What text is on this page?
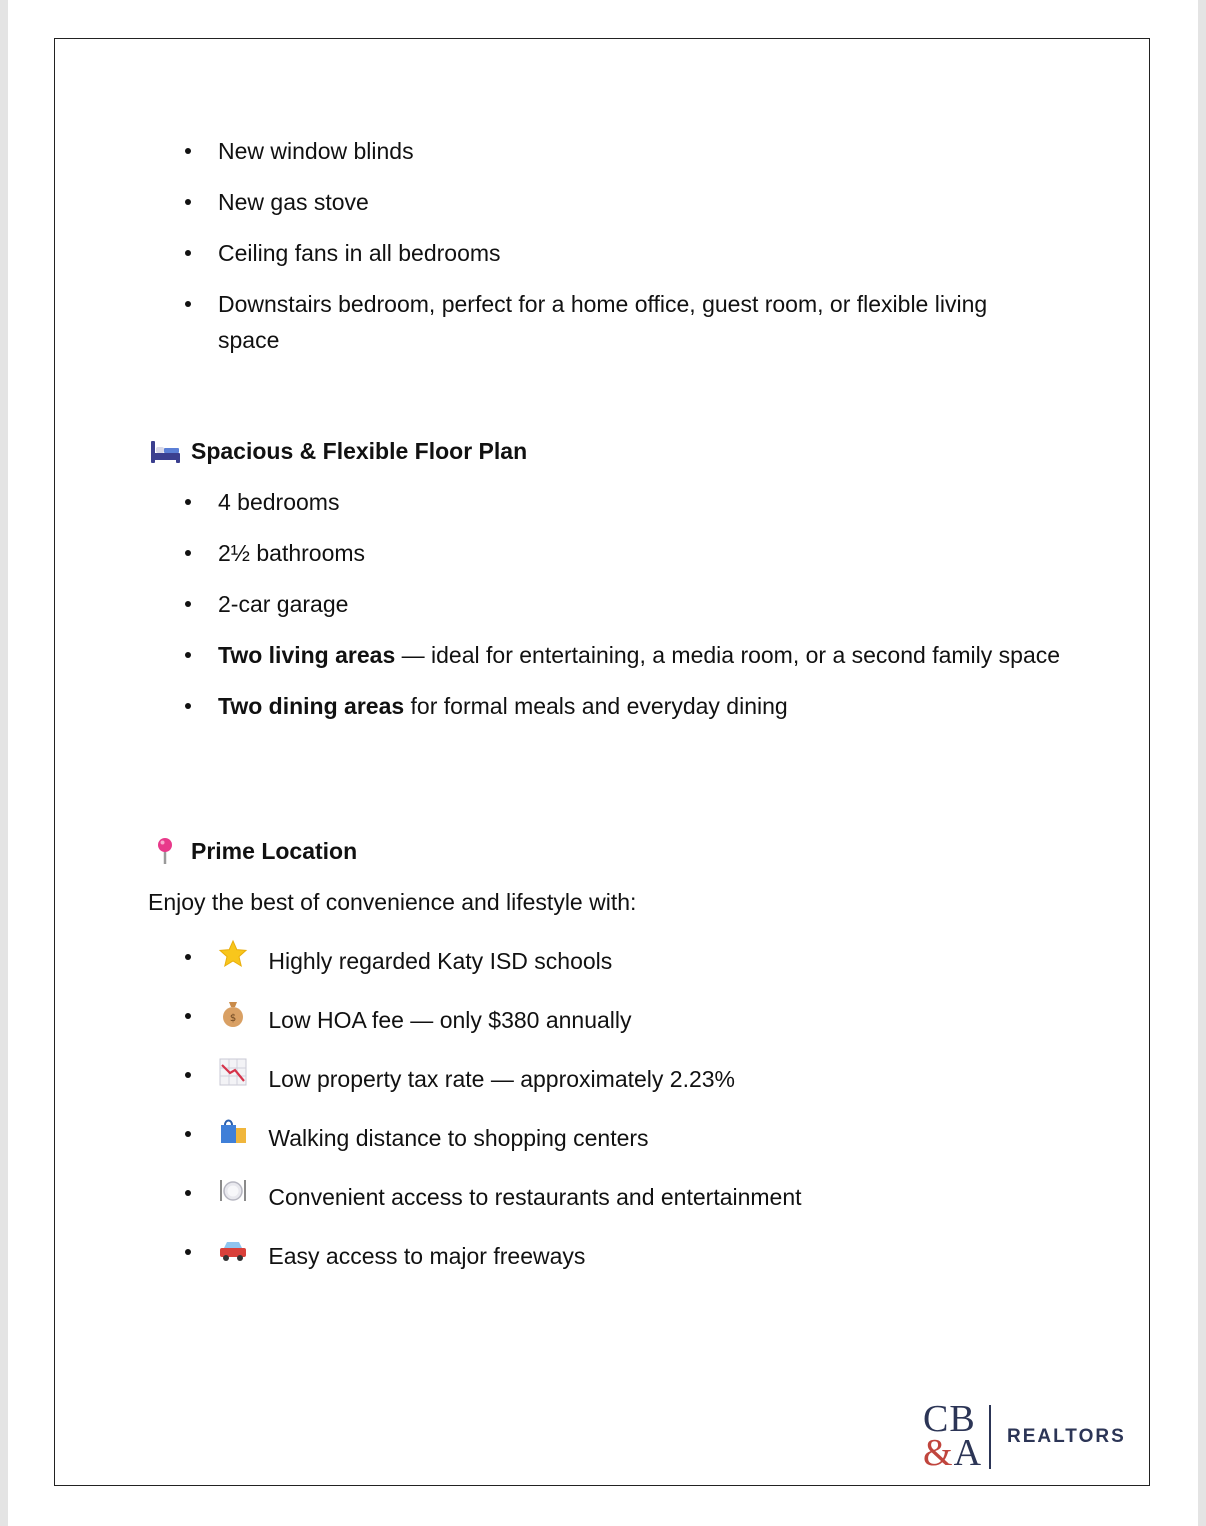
New window blinds
New gas stove
Ceiling fans in all bedrooms
Downstairs bedroom, perfect for a home office, guest room, or flexible living space
Spacious & Flexible Floor Plan
4 bedrooms
2½ bathrooms
2-car garage
Two living areas — ideal for entertaining, a media room, or a second family space
Two dining areas for formal meals and everyday dining
Prime Location
Enjoy the best of convenience and lifestyle with:
Highly regarded Katy ISD schools
$ Low HOA fee — only $380 annually
Low property tax rate — approximately 2.23%
Walking distance to shopping centers
Convenient access to restaurants and entertainment
Easy access to major freeways
CB
&A REALTORS
